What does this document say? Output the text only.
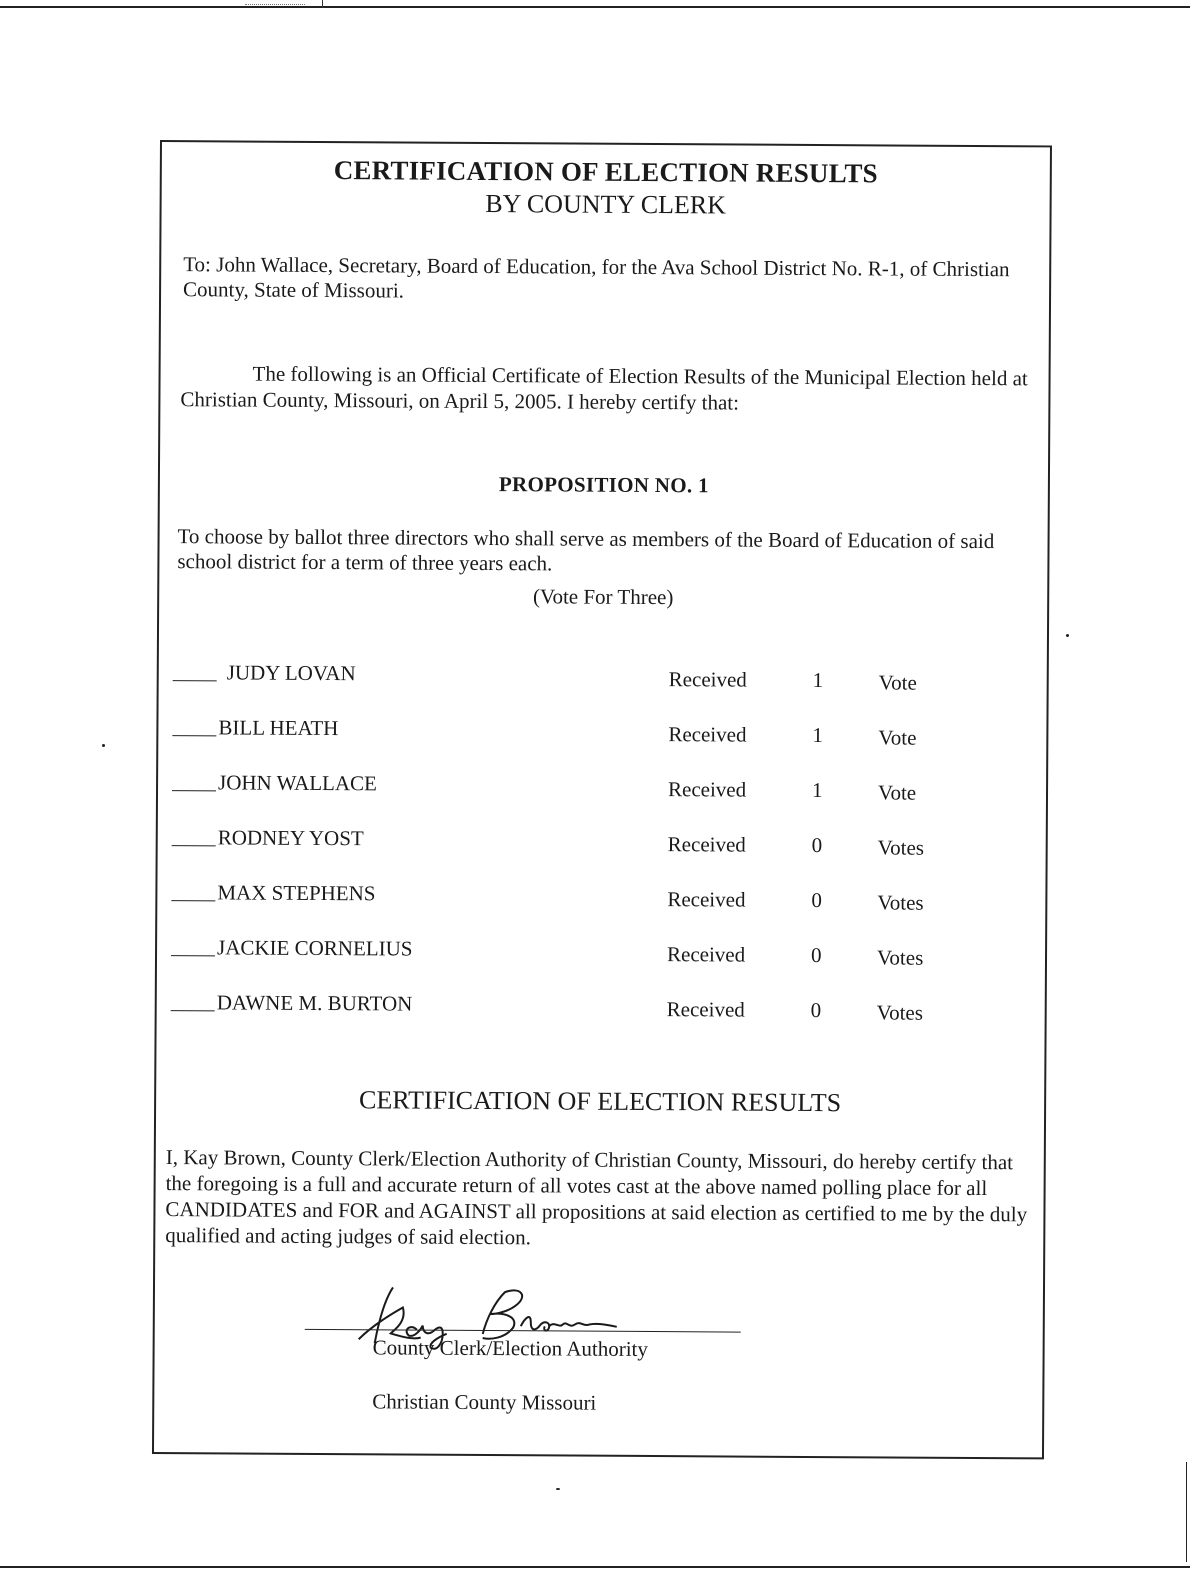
CERTIFICATION OF ELECTION RESULTS
BY COUNTY CLERK
To: John Wallace, Secretary, Board of Education, for the Ava School District No. R-1, of Christian County, State of Missouri.
The following is an Official Certificate of Election Results of the Municipal Election held at Christian County, Missouri, on April 5, 2005. I hereby certify that:
PROPOSITION NO. 1
To choose by ballot three directors who shall serve as members of the Board of Education of said school district for a term of three years each.
(Vote For Three)
JUDY LOVAN	Received	1	Vote
BILL HEATH	Received	1	Vote
JOHN WALLACE	Received	1	Vote
RODNEY YOST	Received	0	Votes
MAX STEPHENS	Received	0	Votes
JACKIE CORNELIUS	Received	0	Votes
DAWNE M. BURTON	Received	0	Votes
CERTIFICATION OF ELECTION RESULTS
I, Kay Brown, County Clerk/Election Authority of Christian County, Missouri, do hereby certify that the foregoing is a full and accurate return of all votes cast at the above named polling place for all CANDIDATES and FOR and AGAINST all propositions at said election as certified to me by the duly qualified and acting judges of said election.
County Clerk/Election Authority
Christian County Missouri
